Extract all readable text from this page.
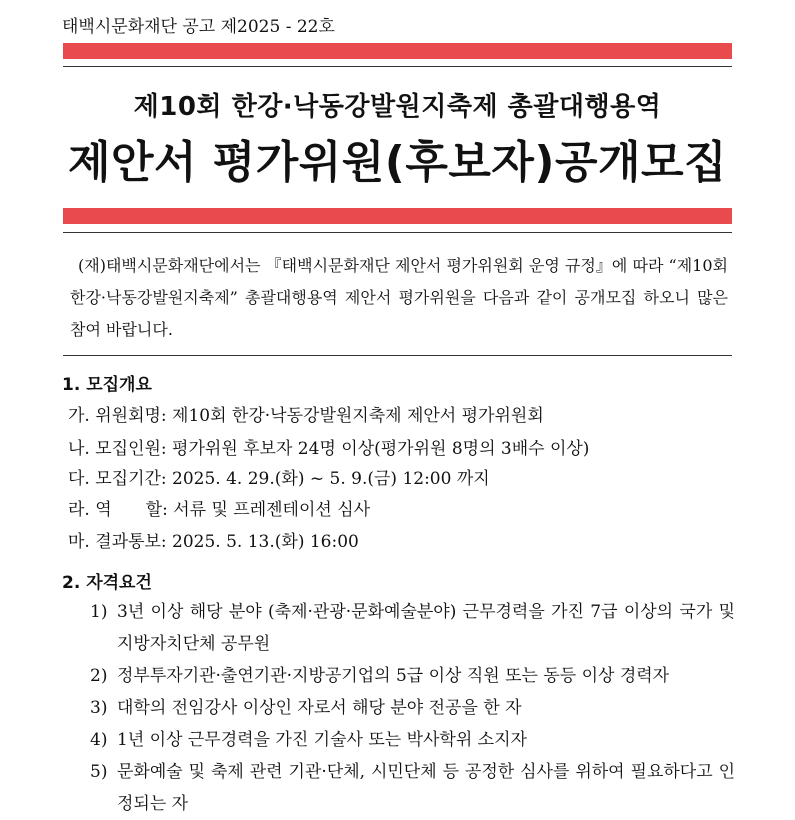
태백시문화재단 공고 제2025 - 22호
제10회 한강·낙동강발원지축제 총괄대행용역
제안서 평가위원(후보자)공개모집
(재)태백시문화재단에서는 『태백시문화재단 제안서 평가위원회 운영 규정』에 따라 “제10회 한강·낙동강발원지축제” 총괄대행용역 제안서 평가위원을 다음과 같이 공개모집 하오니 많은 참여 바랍니다.
1. 모집개요
가. 위원회명: 제10회 한강·낙동강발원지축제 제안서 평가위원회
나. 모집인원: 평가위원 후보자 24명 이상(평가위원 8명의 3배수 이상)
다. 모집기간: 2025. 4. 29.(화) ~ 5. 9.(금) 12:00 까지
라. 역　　할: 서류 및 프레젠테이션 심사
마. 결과통보: 2025. 5. 13.(화) 16:00
2. 자격요건
1) 3년 이상 해당 분야 (축제·관광·문화예술분야) 근무경력을 가진 7급 이상의 국가 및 지방자치단체 공무원
2) 정부투자기관·출연기관·지방공기업의 5급 이상 직원 또는 동등 이상 경력자
3) 대학의 전임강사 이상인 자로서 해당 분야 전공을 한 자
4) 1년 이상 근무경력을 가진 기술사 또는 박사학위 소지자
5) 문화예술 및 축제 관련 기관·단체, 시민단체 등 공정한 심사를 위하여 필요하다고 인정되는 자
